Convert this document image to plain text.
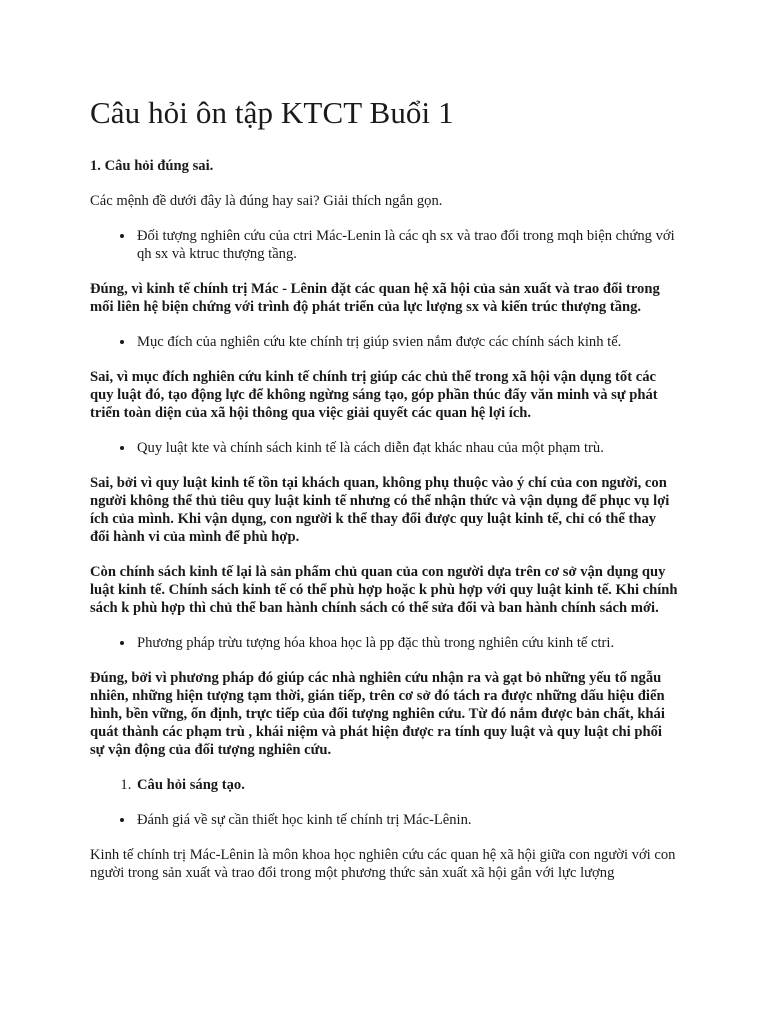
Câu hỏi ôn tập KTCT Buổi 1

1. Câu hỏi đúng sai.

Các mệnh đề dưới đây là đúng hay sai? Giải thích ngắn gọn.

• Đối tượng nghiên cứu của ctri Mác-Lenin là các qh sx và trao đổi trong mqh biện chứng với qh sx và ktruc thượng tầng.

Đúng, vì kinh tế chính trị Mác - Lênin đặt các quan hệ xã hội của sản xuất và trao đổi trong mối liên hệ biện chứng với trình độ phát triển của lực lượng sx và kiến trúc thượng tầng.

• Mục đích của nghiên cứu kte chính trị giúp svien nắm được các chính sách kinh tế.

Sai, vì mục đích nghiên cứu kinh tế chính trị giúp các chủ thể trong xã hội vận dụng tốt các quy luật đó, tạo động lực để không ngừng sáng tạo, góp phần thúc đẩy văn minh và sự phát triển toàn diện của xã hội thông qua việc giải quyết các quan hệ lợi ích.

• Quy luật kte và chính sách kinh tế là cách diễn đạt khác nhau của một phạm trù.

Sai, bởi vì quy luật kinh tế tồn tại khách quan, không phụ thuộc vào ý chí của con người, con người không thể thủ tiêu quy luật kinh tế nhưng có thể nhận thức và vận dụng để phục vụ lợi ích của mình. Khi vận dụng, con người k thể thay đổi được quy luật kinh tế, chỉ có thể thay đổi hành vi của mình để phù hợp.

Còn chính sách kinh tế lại là sản phẩm chủ quan của con người dựa trên cơ sở vận dụng quy luật kinh tế. Chính sách kinh tế có thể phù hợp hoặc k phù hợp với quy luật kinh tế. Khi chính sách k phù hợp thì chủ thể ban hành chính sách có thể sửa đổi và ban hành chính sách mới.

• Phương pháp trừu tượng hóa khoa học là pp đặc thù trong nghiên cứu kinh tế ctri.

Đúng, bởi vì phương pháp đó giúp các nhà nghiên cứu nhận ra và gạt bỏ những yếu tố ngẫu nhiên, những hiện tượng tạm thời, gián tiếp, trên cơ sở đó tách ra được những dấu hiệu điển hình, bền vững, ổn định, trực tiếp của đối tượng nghiên cứu. Từ đó nắm được bản chất, khái quát thành các phạm trù , khái niệm và phát hiện được ra tính quy luật và quy luật chi phối sự vận động của đối tượng nghiên cứu.

1. Câu hỏi sáng tạo.
• Đánh giá về sự cần thiết học kinh tế chính trị Mác-Lênin.

Kinh tế chính trị Mác-Lênin là môn khoa học nghiên cứu các quan hệ xã hội giữa con người với con người trong sản xuất và trao đổi trong một phương thức sản xuất xã hội gắn với lực lượng
